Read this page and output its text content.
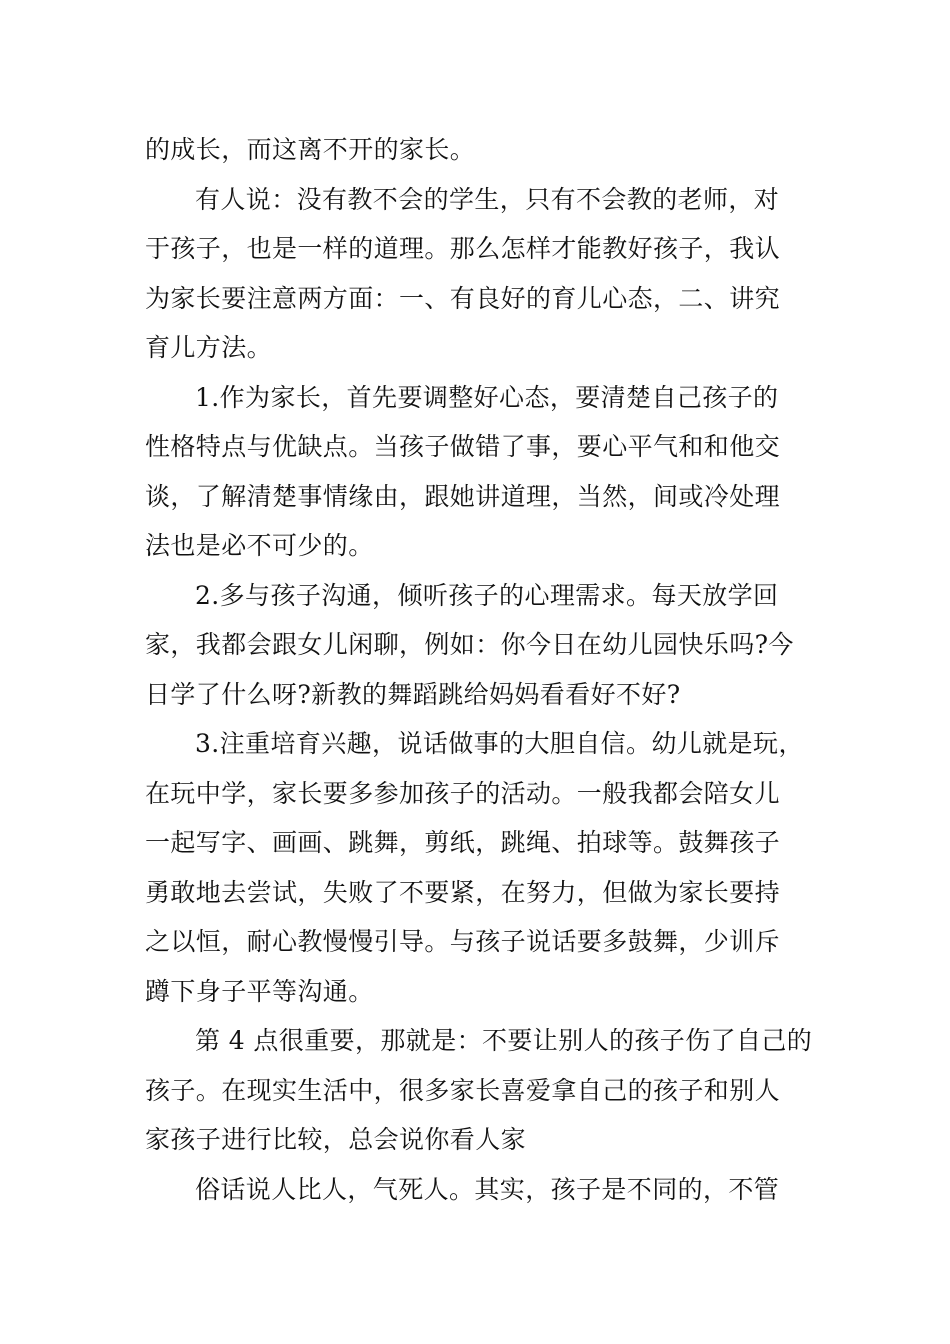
的成长，而这离不开的家长。
有人说：没有教不会的学生，只有不会教的老师，对
于孩子，也是一样的道理。那么怎样才能教好孩子，我认
为家长要注意两方面：一、有良好的育儿心态，二、讲究
育儿方法。
1.作为家长，首先要调整好心态，要清楚自己孩子的
性格特点与优缺点。当孩子做错了事，要心平气和和他交
谈，了解清楚事情缘由，跟她讲道理，当然，间或冷处理
法也是必不可少的。
2.多与孩子沟通，倾听孩子的心理需求。每天放学回
家，我都会跟女儿闲聊，例如：你今日在幼儿园快乐吗?今
日学了什么呀?新教的舞蹈跳给妈妈看看好不好?
3.注重培育兴趣，说话做事的大胆自信。幼儿就是玩，
在玩中学，家长要多参加孩子的活动。一般我都会陪女儿
一起写字、画画、跳舞，剪纸，跳绳、拍球等。鼓舞孩子
勇敢地去尝试，失败了不要紧，在努力，但做为家长要持
之以恒，耐心教慢慢引导。与孩子说话要多鼓舞，少训斥
蹲下身子平等沟通。
第 4 点很重要，那就是：不要让别人的孩子伤了自己的
孩子。在现实生活中，很多家长喜爱拿自己的孩子和别人
家孩子进行比较，总会说你看人家
俗话说人比人，气死人。其实，孩子是不同的，不管
